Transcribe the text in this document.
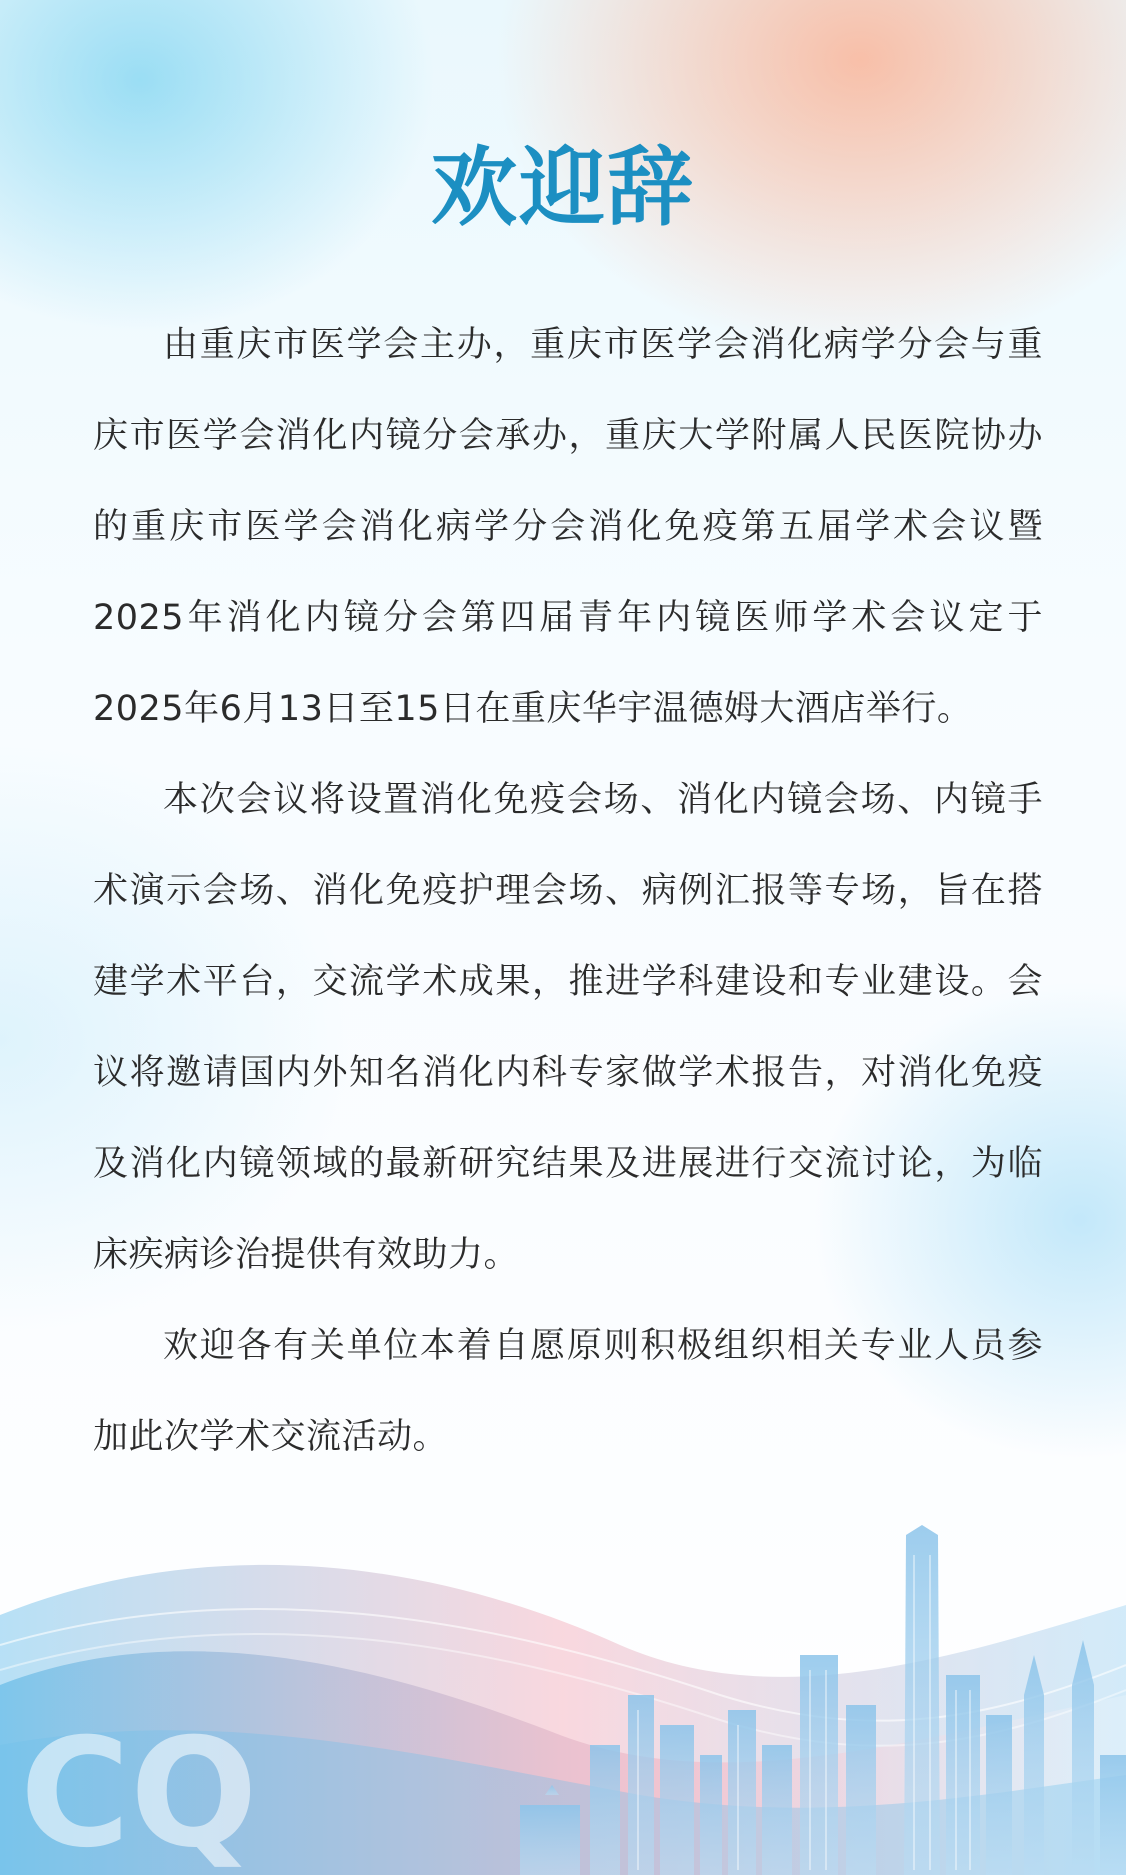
欢迎辞

由重庆市医学会主办，重庆市医学会消化病学分会与重庆市医学会消化内镜分会承办，重庆大学附属人民医院协办的重庆市医学会消化病学分会消化免疫第五届学术会议暨2025年消化内镜分会第四届青年内镜医师学术会议定于2025年6月13日至15日在重庆华宇温德姆大酒店举行。

本次会议将设置消化免疫会场、消化内镜会场、内镜手术演示会场、消化免疫护理会场、病例汇报等专场，旨在搭建学术平台，交流学术成果，推进学科建设和专业建设。会议将邀请国内外知名消化内科专家做学术报告，对消化免疫及消化内镜领域的最新研究结果及进展进行交流讨论，为临床疾病诊治提供有效助力。

欢迎各有关单位本着自愿原则积极组织相关专业人员参加此次学术交流活动。

CQ
